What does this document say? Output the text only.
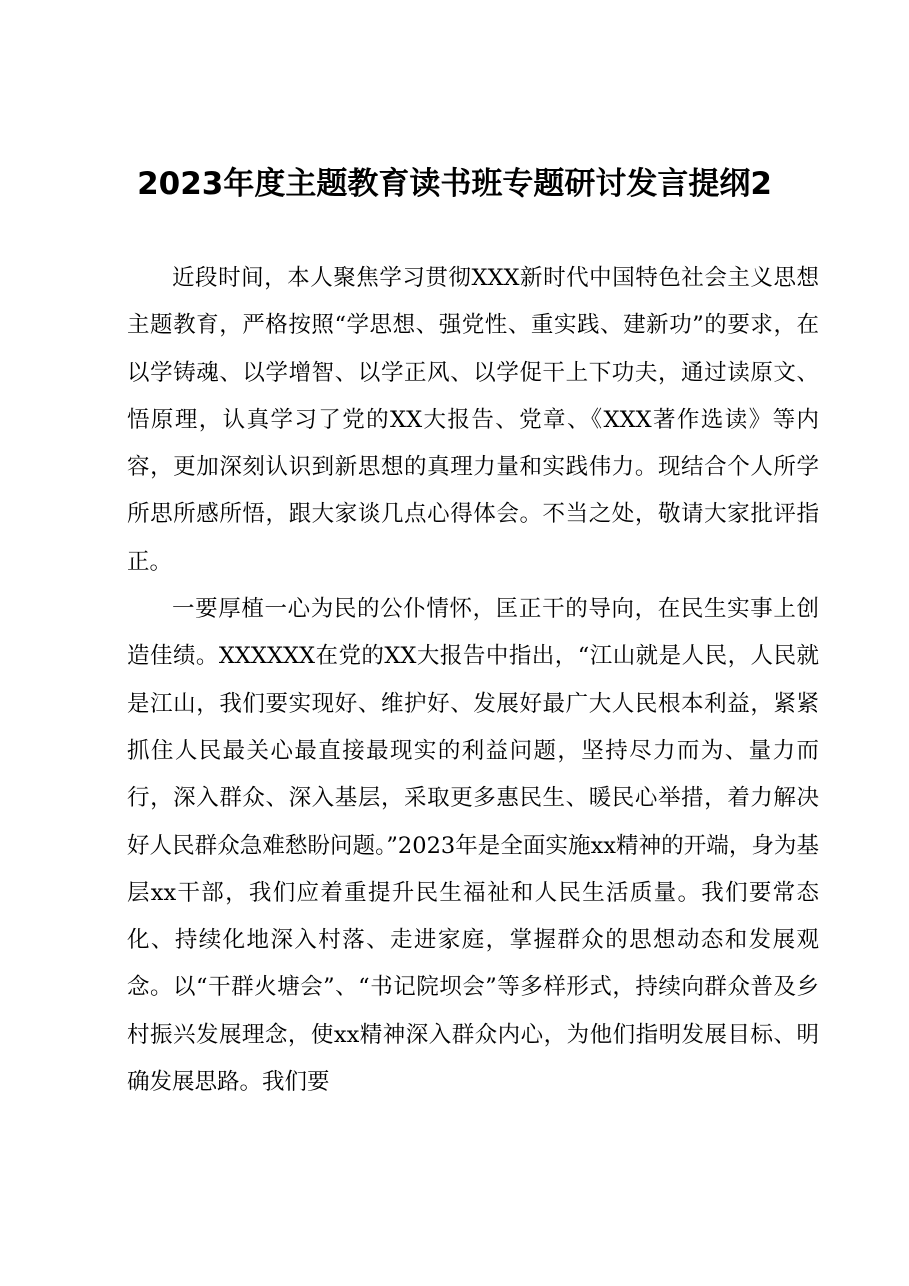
2023年度主题教育读书班专题研讨发言提纲2

近段时间，本人聚焦学习贯彻XXX新时代中国特色社会主义思想主题教育，严格按照“学思想、强党性、重实践、建新功”的要求，在以学铸魂、以学增智、以学正风、以学促干上下功夫，通过读原文、悟原理，认真学习了党的XX大报告、党章、《XXX著作选读》等内容，更加深刻认识到新思想的真理力量和实践伟力。现结合个人所学所思所感所悟，跟大家谈几点心得体会。不当之处，敬请大家批评指正。

一要厚植一心为民的公仆情怀，匡正干的导向，在民生实事上创造佳绩。XXXXXX在党的XX大报告中指出，“江山就是人民，人民就是江山，我们要实现好、维护好、发展好最广大人民根本利益，紧紧抓住人民最关心最直接最现实的利益问题，坚持尽力而为、量力而行，深入群众、深入基层，采取更多惠民生、暖民心举措，着力解决好人民群众急难愁盼问题。”2023年是全面实施xx精神的开端，身为基层xx干部，我们应着重提升民生福祉和人民生活质量。我们要常态化、持续化地深入村落、走进家庭，掌握群众的思想动态和发展观念。以“干群火塘会”、“书记院坝会”等多样形式，持续向群众普及乡村振兴发展理念，使xx精神深入群众内心，为他们指明发展目标、明确发展思路。我们要
